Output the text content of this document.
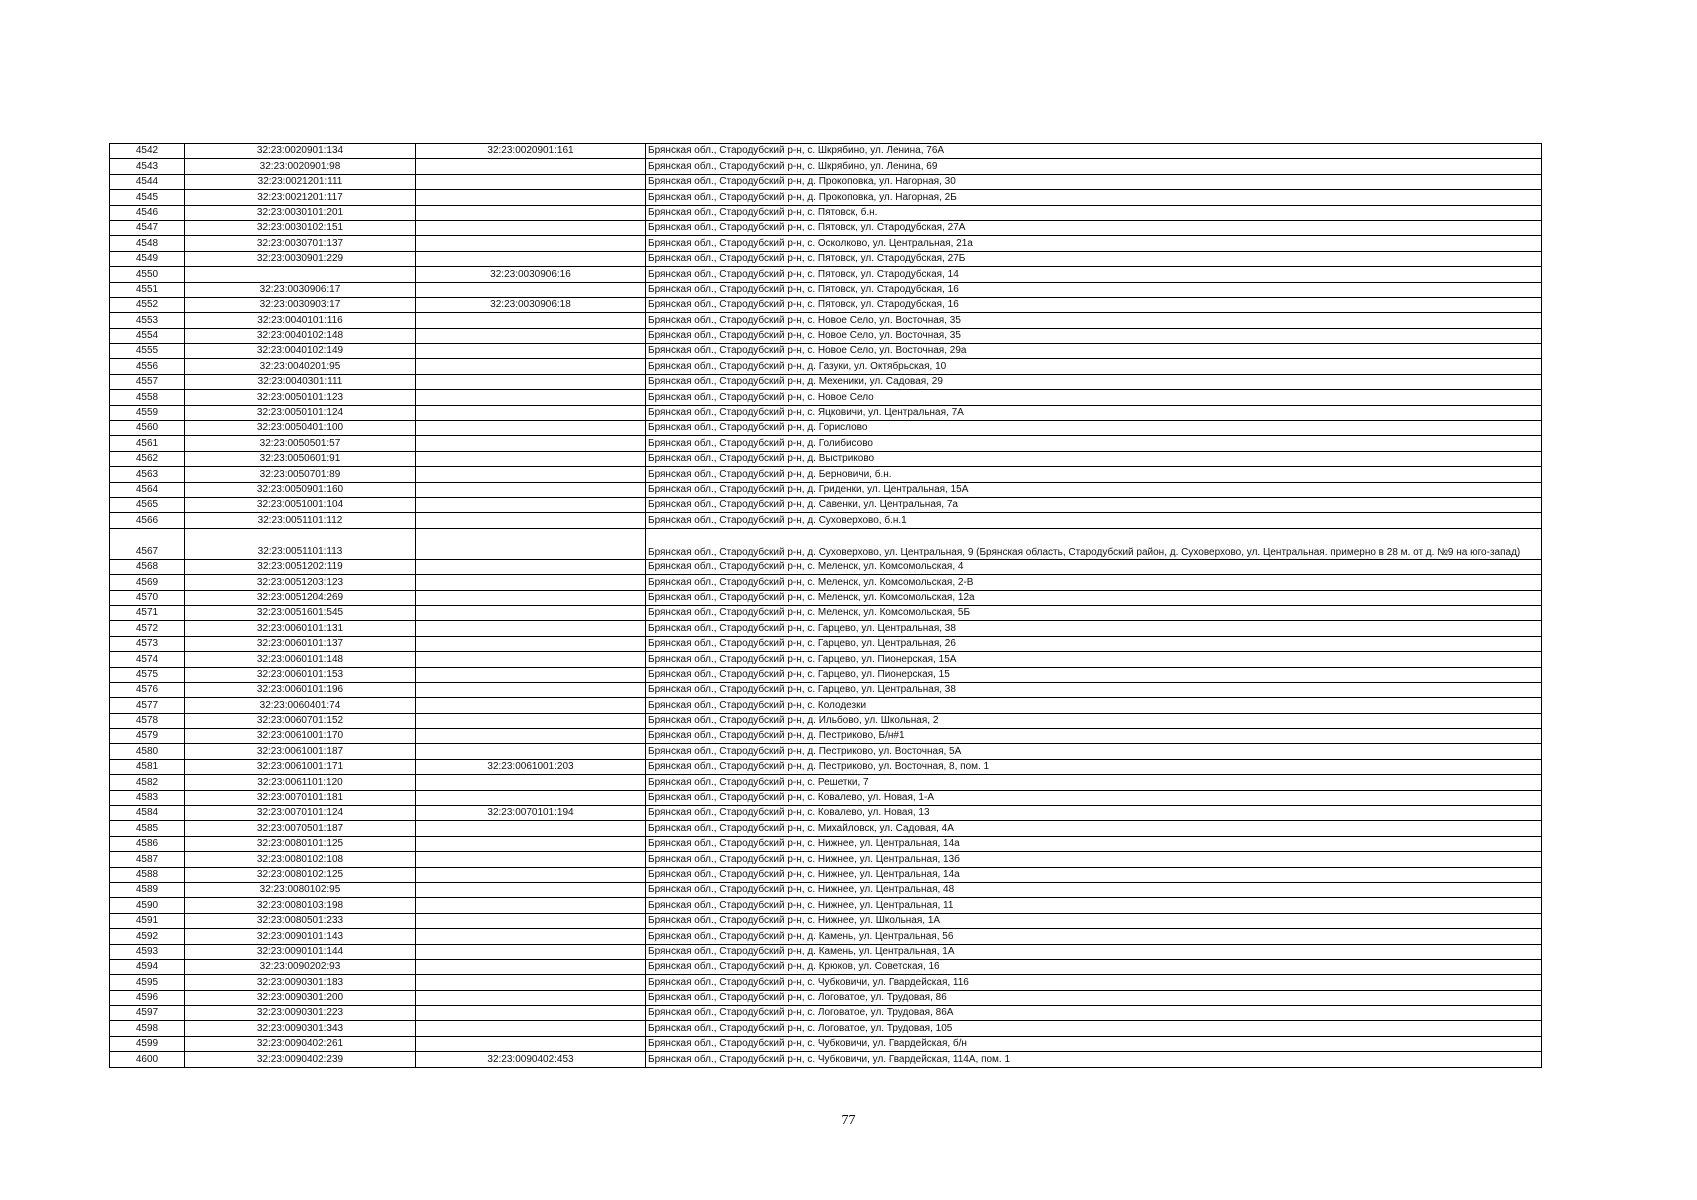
4542	32:23:0020901:134	32:23:0020901:161	Брянская обл., Стародубский р-н, с. Шкрябино, ул. Ленина, 76А
4543	32:23:0020901:98		Брянская обл., Стародубский р-н, с. Шкрябино, ул. Ленина, 69
4544	32:23:0021201:111		Брянская обл., Стародубский р-н, д. Прокоповка, ул. Нагорная, 30
4545	32:23:0021201:117		Брянская обл., Стародубский р-н, д. Прокоповка, ул. Нагорная, 2Б
4546	32:23:0030101:201		Брянская обл., Стародубский р-н, с. Пятовск, б.н.
4547	32:23:0030102:151		Брянская обл., Стародубский р-н, с. Пятовск, ул. Стародубская, 27А
4548	32:23:0030701:137		Брянская обл., Стародубский р-н, с. Осколково, ул. Центральная, 21а
4549	32:23:0030901:229		Брянская обл., Стародубский р-н, с. Пятовск, ул. Стародубская, 27Б
4550		32:23:0030906:16	Брянская обл., Стародубский р-н, с. Пятовск, ул. Стародубская, 14
4551	32:23:0030906:17		Брянская обл., Стародубский р-н, с. Пятовск, ул. Стародубская, 16
4552	32:23:0030903:17	32:23:0030906:18	Брянская обл., Стародубский р-н, с. Пятовск, ул. Стародубская, 16
4553	32:23:0040101:116		Брянская обл., Стародубский р-н, с. Новое Село, ул. Восточная, 35
4554	32:23:0040102:148		Брянская обл., Стародубский р-н, с. Новое Село, ул. Восточная, 35
4555	32:23:0040102:149		Брянская обл., Стародубский р-н, с. Новое Село, ул. Восточная, 29а
4556	32:23:0040201:95		Брянская обл., Стародубский р-н, д. Газуки, ул. Октябрьская, 10
4557	32:23:0040301:111		Брянская обл., Стародубский р-н, д. Мехеники, ул. Садовая, 29
4558	32:23:0050101:123		Брянская обл., Стародубский р-н, с. Новое Село
4559	32:23:0050101:124		Брянская обл., Стародубский р-н, с. Яцковичи, ул. Центральная, 7А
4560	32:23:0050401:100		Брянская обл., Стародубский р-н, д. Горислово
4561	32:23:0050501:57		Брянская обл., Стародубский р-н, д. Голибисово
4562	32:23:0050601:91		Брянская обл., Стародубский р-н, д. Выстриково
4563	32:23:0050701:89		Брянская обл., Стародубский р-н, д. Берновичи, б.н.
4564	32:23:0050901:160		Брянская обл., Стародубский р-н, д. Гриденки, ул. Центральная, 15А
4565	32:23:0051001:104		Брянская обл., Стародубский р-н, д. Савенки, ул. Центральная, 7а
4566	32:23:0051101:112		Брянская обл., Стародубский р-н, д. Суховерхово, б.н.1
4567	32:23:0051101:113		Брянская обл., Стародубский р-н, д. Суховерхово, ул. Центральная, 9 (Брянская область, Стародубский район, д. Суховерхово, ул. Центральная. примерно в 28 м. от д. №9 на юго-запад)
4568	32:23:0051202:119		Брянская обл., Стародубский р-н, с. Меленск, ул. Комсомольская, 4
4569	32:23:0051203:123		Брянская обл., Стародубский р-н, с. Меленск, ул. Комсомольская, 2-В
4570	32:23:0051204:269		Брянская обл., Стародубский р-н, с. Меленск, ул. Комсомольская, 12а
4571	32:23:0051601:545		Брянская обл., Стародубский р-н, с. Меленск, ул. Комсомольская, 5Б
4572	32:23:0060101:131		Брянская обл., Стародубский р-н, с. Гарцево, ул. Центральная, 38
4573	32:23:0060101:137		Брянская обл., Стародубский р-н, с. Гарцево, ул. Центральная, 26
4574	32:23:0060101:148		Брянская обл., Стародубский р-н, с. Гарцево, ул. Пионерская, 15А
4575	32:23:0060101:153		Брянская обл., Стародубский р-н, с. Гарцево, ул. Пионерская, 15
4576	32:23:0060101:196		Брянская обл., Стародубский р-н, с. Гарцево, ул. Центральная, 38
4577	32:23:0060401:74		Брянская обл., Стародубский р-н, с. Колодезки
4578	32:23:0060701:152		Брянская обл., Стародубский р-н, д. Ильбово, ул. Школьная, 2
4579	32:23:0061001:170		Брянская обл., Стародубский р-н, д. Пестриково, Б/н#1
4580	32:23:0061001:187		Брянская обл., Стародубский р-н, д. Пестриково, ул. Восточная, 5А
4581	32:23:0061001:171	32:23:0061001:203	Брянская обл., Стародубский р-н, д. Пестриково, ул. Восточная, 8, пом. 1
4582	32:23:0061101:120		Брянская обл., Стародубский р-н, с. Решетки, 7
4583	32:23:0070101:181		Брянская обл., Стародубский р-н, с. Ковалево, ул. Новая, 1-А
4584	32:23:0070101:124	32:23:0070101:194	Брянская обл., Стародубский р-н, с. Ковалево, ул. Новая, 13
4585	32:23:0070501:187		Брянская обл., Стародубский р-н, с. Михайловск, ул. Садовая, 4А
4586	32:23:0080101:125		Брянская обл., Стародубский р-н, с. Нижнее, ул. Центральная, 14а
4587	32:23:0080102:108		Брянская обл., Стародубский р-н, с. Нижнее, ул. Центральная, 13б
4588	32:23:0080102:125		Брянская обл., Стародубский р-н, с. Нижнее, ул. Центральная, 14а
4589	32:23:0080102:95		Брянская обл., Стародубский р-н, с. Нижнее, ул. Центральная, 48
4590	32:23:0080103:198		Брянская обл., Стародубский р-н, с. Нижнее, ул. Центральная, 11
4591	32:23:0080501:233		Брянская обл., Стародубский р-н, с. Нижнее, ул. Школьная, 1А
4592	32:23:0090101:143		Брянская обл., Стародубский р-н, д. Камень, ул. Центральная, 56
4593	32:23:0090101:144		Брянская обл., Стародубский р-н, д. Камень, ул. Центральная, 1А
4594	32:23:0090202:93		Брянская обл., Стародубский р-н, д. Крюков, ул. Советская, 16
4595	32:23:0090301:183		Брянская обл., Стародубский р-н, с. Чубковичи, ул. Гвардейская, 116
4596	32:23:0090301:200		Брянская обл., Стародубский р-н, с. Логоватое, ул. Трудовая, 86
4597	32:23:0090301:223		Брянская обл., Стародубский р-н, с. Логоватое, ул. Трудовая, 86А
4598	32:23:0090301:343		Брянская обл., Стародубский р-н, с. Логоватое, ул. Трудовая, 105
4599	32:23:0090402:261		Брянская обл., Стародубский р-н, с. Чубковичи, ул. Гвардейская, б/н
4600	32:23:0090402:239	32:23:0090402:453	Брянская обл., Стародубский р-н, с. Чубковичи, ул. Гвардейская, 114А, пом. 1
77
